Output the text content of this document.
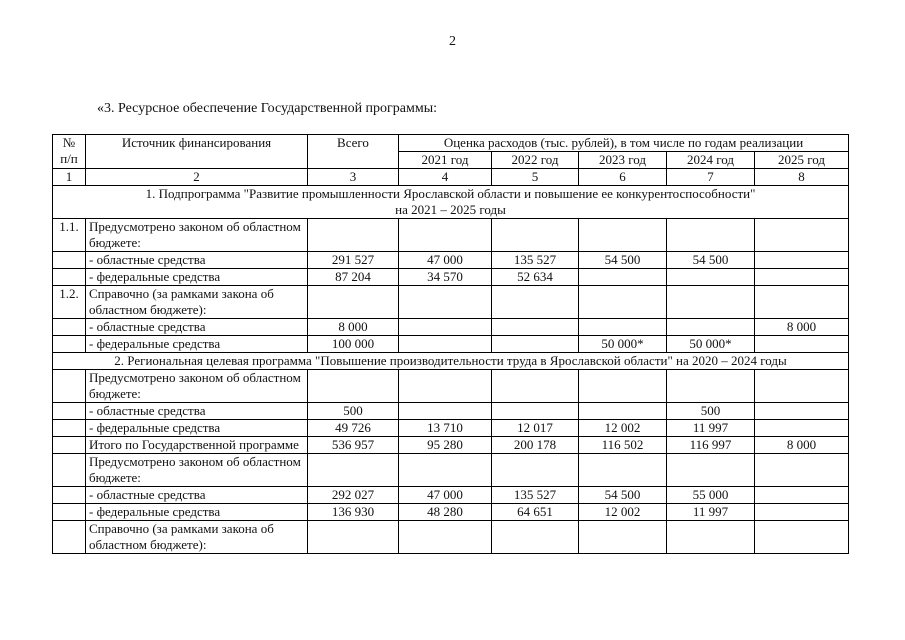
2
«3. Ресурсное обеспечение Государственной программы:
№
п/п	Источник финансирования	Всего	Оценка расходов (тыс. рублей), в том числе по годам реализации				
			2021 год	2022 год	2023 год	2024 год	2025 год
1	2	3	4	5	6	7	8
1. Подпрограмма "Развитие промышленности Ярославской области и повышение ее конкурентоспособности"
на 2021 – 2025 годы							
1.1.	Предусмотрено законом об областном бюджете:						
	- областные средства	291 527	47 000	135 527	54 500	54 500	
	- федеральные средства	87 204	34 570	52 634			
1.2.	Справочно (за рамками закона об областном бюджете):						
	- областные средства	8 000					8 000
	- федеральные средства	100 000			50 000*	50 000*	
2. Региональная целевая программа "Повышение производительности труда в Ярославской области" на 2020 – 2024 годы							
	Предусмотрено законом об областном бюджете:						
	- областные средства	500				500	
	- федеральные средства	49 726	13 710	12 017	12 002	11 997	
	Итого по Государственной программе	536 957	95 280	200 178	116 502	116 997	8 000
	Предусмотрено законом об областном бюджете:						
	- областные средства	292 027	47 000	135 527	54 500	55 000	
	- федеральные средства	136 930	48 280	64 651	12 002	11 997	
	Справочно (за рамками закона об областном бюджете):						
